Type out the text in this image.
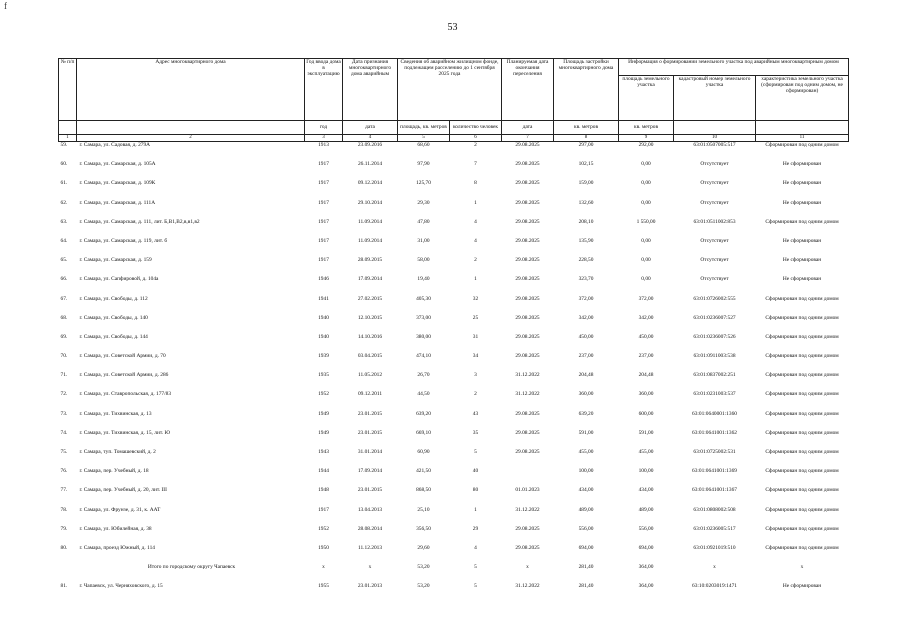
f
53
№ п/п	Адрес многоквартирного дома	Год ввода дома в эксплуатацию	Дата признания многоквартирного дома аварийным	Сведения об аварийном жилищном фонде, подлежащем расселению до 1 сентября 2025 года		Планируемая дата окончания переселения	Площадь застройки многоквартирного дома	Информация о формировании земельного участка под аварийным многоквартирным домом		
								площадь земельного участка	кадастровый номер земельного участка	характеристика земельного участка (сформирован под одним домом, не сформирован)
		год	дата	площадь, кв. метров	количество человек	дата	кв. метров	кв. метров		
1	2	3	4	5	6	7	8	9	10	11
59.	г. Самара, ул. Садовая, д. 279А	1913	23.09.2016	68,60	2	29.08.2025	297,00	292,00	63:01:0507005:517	Сформирован под одним домом
60.	г. Самара, ул. Самарская, д. 105А	1917	26.11.2014	97,90	7	29.08.2025	102,15	0,00	Отсутствует	Не сформирован
61.	г. Самара, ул. Самарская, д. 109К	1917	09.12.2014	125,70	8	29.08.2025	159,00	0,00	Отсутствует	Не сформирован
62.	г. Самара, ул. Самарская, д. 111А	1917	29.10.2014	29,30	1	29.08.2025	132,60	0,00	Отсутствует	Не сформирован
63.	г. Самара, ул. Самарская, д. 111, лит. Б,В1,В2,в,в1,в2	1917	11.09.2014	47,80	4	29.08.2025	208,10	1 550,00	63:01:0511002:853	Сформирован под одним домом
64.	г. Самара, ул. Самарская, д. 119, лит. б	1917	11.09.2014	31,00	4	29.08.2025	135,90	0,00	Отсутствует	Не сформирован
65.	г. Самара, ул. Самарская, д. 159	1917	28.09.2015	58,00	2	29.08.2025	228,50	0,00	Отсутствует	Не сформирован
66.	г. Самара, ул. Сапфировой, д. 104а	1946	17.09.2014	19,40	1	29.08.2025	323,70	0,00	Отсутствует	Не сформирован
67.	г. Самара, ул. Свободы, д. 112	1941	27.02.2015	405,30	32	29.08.2025	372,00	372,00	63:01:0726002:555	Сформирован под одним домом
68.	г. Самара, ул. Свободы, д. 140	1940	12.10.2015	373,00	25	29.08.2025	342,00	342,00	63:01:0236007:527	Сформирован под одним домом
69.	г. Самара, ул. Свободы, д. 144	1940	14.10.2016	380,00	31	29.08.2025	450,00	450,00	63:01:0236007:526	Сформирован под одним домом
70.	г. Самара, ул. Советской Армии, д. 70	1939	03.04.2015	474,10	34	29.08.2025	237,00	237,00	63:01:0911003:538	Сформирован под одним домом
71.	г. Самара, ул. Советской Армии, д. 286	1935	11.05.2012	26,70	3	31.12.2022	204,48	204,48	63:01:0837002:251	Сформирован под одним домом
72.	г. Самара, ул. Ставропольская, д. 177/83	1952	09.12.2011	44,50	2	31.12.2022	360,00	360,00	63:01:0231003:537	Сформирован под одним домом
73.	г. Самара, ул. Тихвинская, д. 13	1949	23.01.2015	639,20	43	29.08.2025	639,20	600,00	63:01:0640001:1360	Сформирован под одним домом
74.	г. Самара, ул. Тихвинская, д. 15, лит. Ю	1949	23.01.2015	669,10	35	29.08.2025	591,00	591,00	63:01:0641001:1362	Сформирован под одним домом
75.	г. Самара, туп. Томашевский, д. 2	1943	31.01.2014	60,90	5	29.08.2025	455,00	455,00	63:01:0725002:531	Сформирован под одним домом
76.	г. Самара, пер. Учебный, д. 18	1944	17.09.2014	421,50	40		100,00	100,00	63:01:0641001:1369	Сформирован под одним домом
77.	г. Самара, пер. Учебный, д. 20, лит. III	1948	23.01.2015	868,50	80	01.01.2023	434,00	434,00	63:01:0641001:1367	Сформирован под одним домом
78.	г. Самара, ул. Фрунзе, д. 31, к. ААТ	1917	13.04.2013	25,10	1	31.12.2022	489,00	489,00	63:01:0808002:508	Сформирован под одним домом
79.	г. Самара, ул. Юбилейная, д. 38	1952	28.08.2014	356,50	29	29.08.2025	556,00	556,00	63:01:0236005:517	Сформирован под одним домом
80.	г. Самара, проезд Южный, д. 114	1950	11.12.2013	29,60	4	29.08.2025	694,00	694,00	63:01:0921019:510	Сформирован под одним домом
	Итого по городскому округу Чапаевск	x	x	53,20	5	x	281,40	364,00	x	x
81.	г. Чапаевск, ул. Черняховского, д. 15	1955	23.01.2013	53,20	5	31.12.2022	281,40	364,00	63:10:0203019:1471	Не сформирован
